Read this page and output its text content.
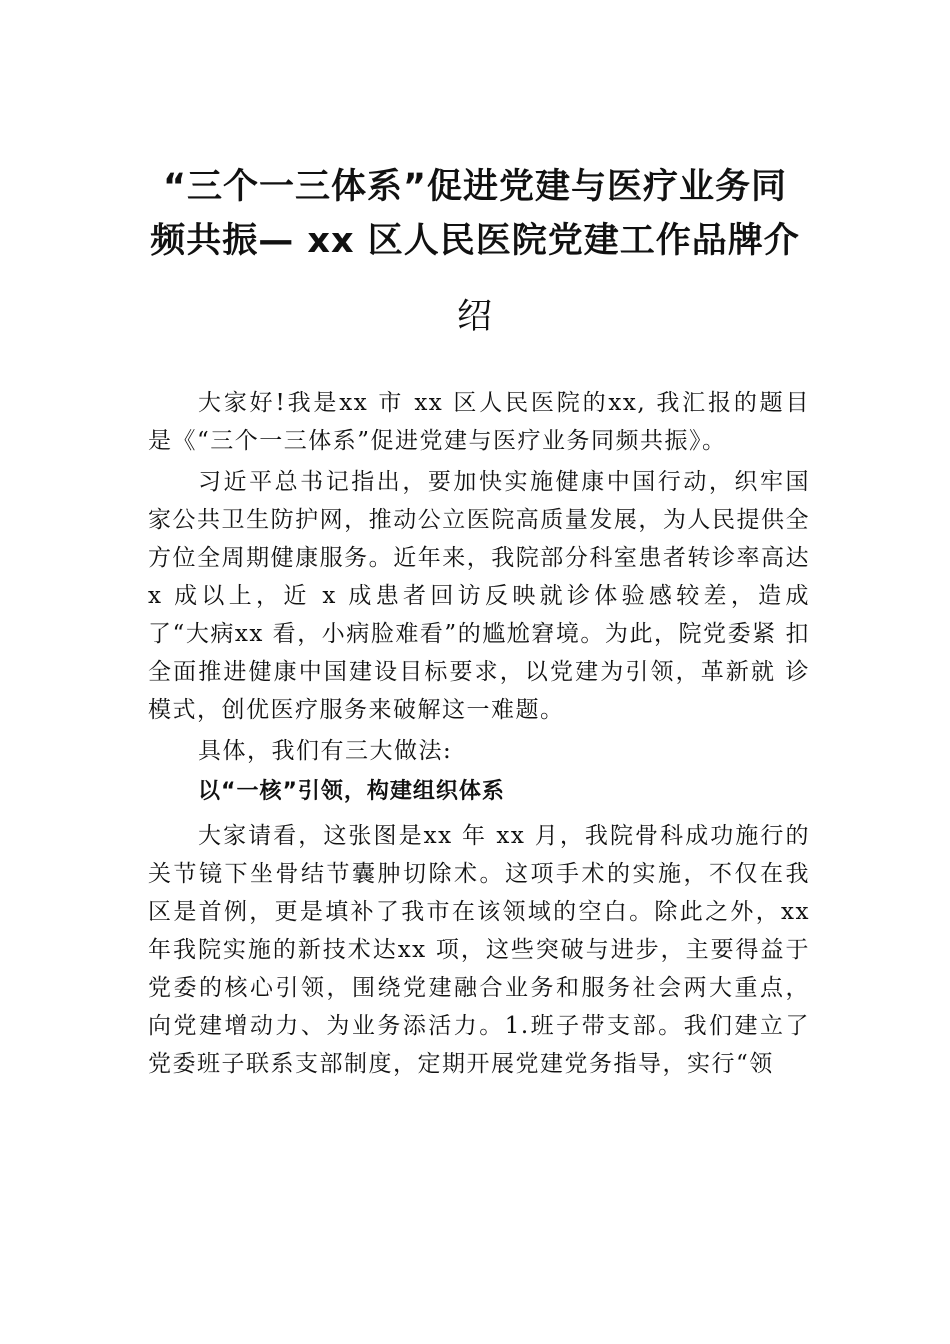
“三个一三体系”促进党建与医疗业务同
频共振— xx 区人民医院党建工作品牌介
绍

大家好!我是xx 市 xx 区人民医院的xx, 我汇报的题目 是《“三个一三体系”促进党建与医疗业务同频共振》。

习近平总书记指出，要加快实施健康中国行动，织牢国家公共卫生防护网，推动公立医院高质量发展，为人民提供全方位全周期健康服务。近年来，我院部分科室患者转诊率高达 x 成以上，近 x 成患者回访反映就诊体验感较差，造成 了“大病xx 看，小病脸难看”的尴尬窘境。为此，院党委紧 扣全面推进健康中国建设目标要求，以党建为引领，革新就 诊模式，创优医疗服务来破解这一难题。

具体，我们有三大做法:

以“一核”引领，构建组织体系

大家请看，这张图是xx 年 xx 月，我院骨科成功施行的 关节镜下坐骨结节囊肿切除术。这项手术的实施，不仅在我 区是首例，更是填补了我市在该领域的空白。除此之外，xx 年我院实施的新技术达xx 项，这些突破与进步，主要得益于 党委的核心引领，围绕党建融合业务和服务社会两大重点， 向党建增动力、为业务添活力。1.班子带支部。我们建立了 党委班子联系支部制度，定期开展党建党务指导，实行“领
